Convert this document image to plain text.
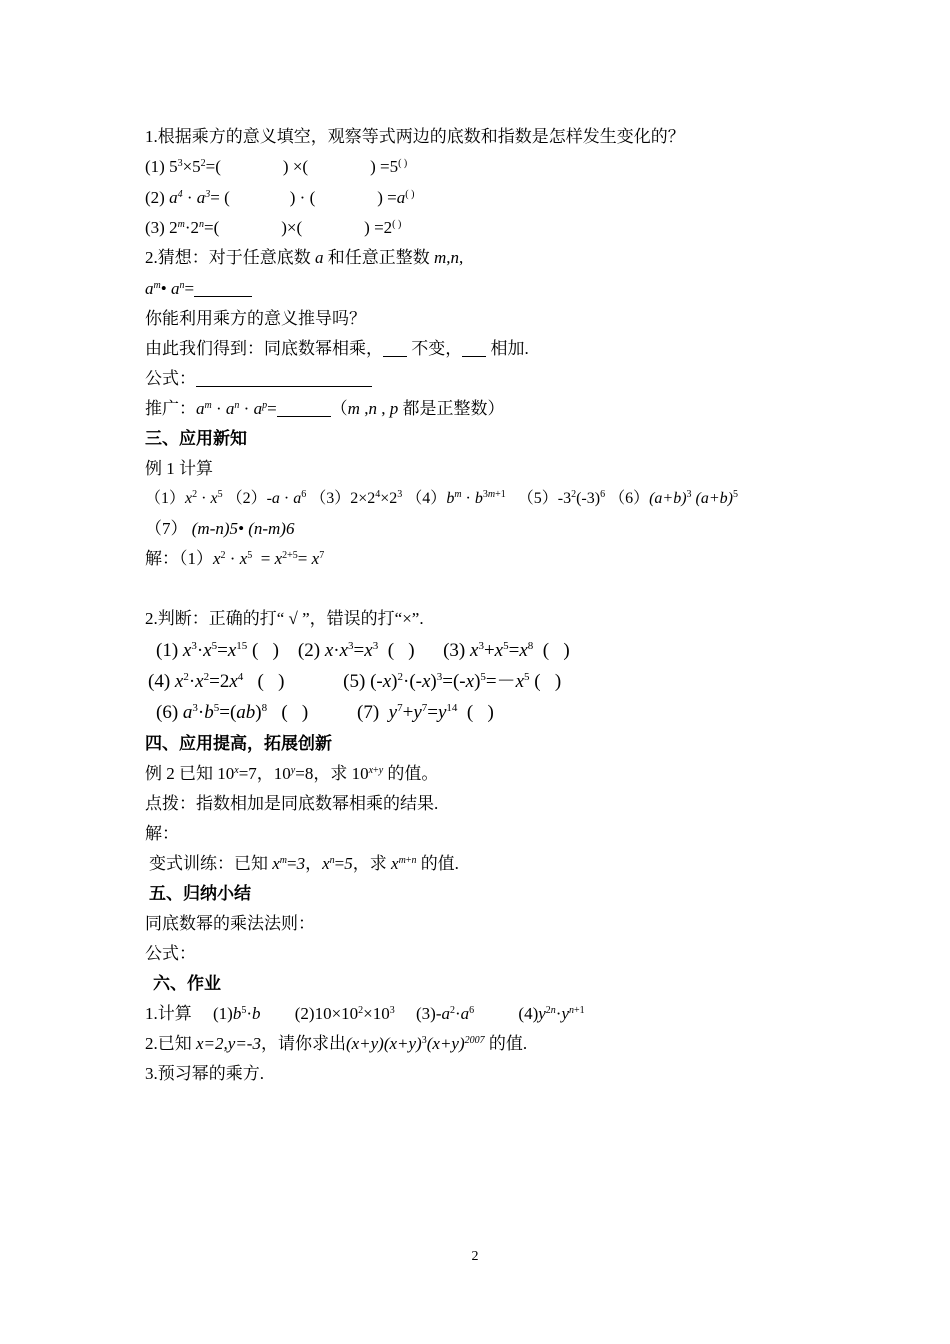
1.根据乘方的意义填空，观察等式两边的底数和指数是怎样发生变化的？
(1) $5^3\times 5^2=$(	) ×(	) =5( )
(2) $a^4 \cdot a^3=$ (	) · (	) =a( )
(3) $2^m\cdot 2^n=$(	)×(	) =2( )
2.猜想：对于任意底数 a 和任意正整数 m,n,
$a^m•$ $a^n=$
你能利用乘方的意义推导吗？
由此我们得到：同底数幂相乘， 不变， 相加.
公式：
推广：$a^m \cdot a^n \cdot a^p=$	（m ,n , p 都是正整数）
三、应用新知
例 1 计算
$(1)x^2 \cdot x^5$ $(2)-a \cdot a^6$ $(3)2\times 2^4\times 2^3$ $(4)b^m \cdot b^{3m+1}$   $(5)-3^2(-3)^6$ $(6)(a+b)^3$ $(a+b)^5$
（7） (m-n)5• (n-m)6
解：$(1)x^2 \cdot x^5 = x^{2+5}= x^7$
2.判断：正确的打“ √ ”，错误的打“×”.
(1) $x^3\cdot x^5=x^{15}$ (   )    (2) $x\cdot x^3=x^3$  (   )      (3) $x^3+x^5=x^8$  (   )
(4) $x^2\cdot x^2=2x^4$   (   )	(5) $(-x)^2\cdot(-x)^3=(-x)^5=-x^5$ (   )
(6) $a^3\cdot b^5=(ab)^8$   (   ) (7)  $y^7+y^7=y^{14}$  (   )
四、应用提高，拓展创新
例 2 已知 $10^x=7$，$10^y=8$，求 $10^{x+y}$ 的值。
点拨：指数相加是同底数幂相乘的结果.
解：
变式训练：已知 $x^m=3$，$x^n=5$，求 $x^{m+n}$ 的值.
五、归纳小结
同底数幂的乘法法则：
公式：
六、作业
1.计算     $(1)b^5\cdot b$ $(2)10\times 10^2\times 10^3$     $(3)-a^2\cdot a^6$	$(4)y^{2n}\cdot y^{n+1}$
2.已知 x=2,y=-3，请你求出$(x+y)(x+y)^3(x+y)^{2007}$ 的值.
3.预习幂的乘方.
2
